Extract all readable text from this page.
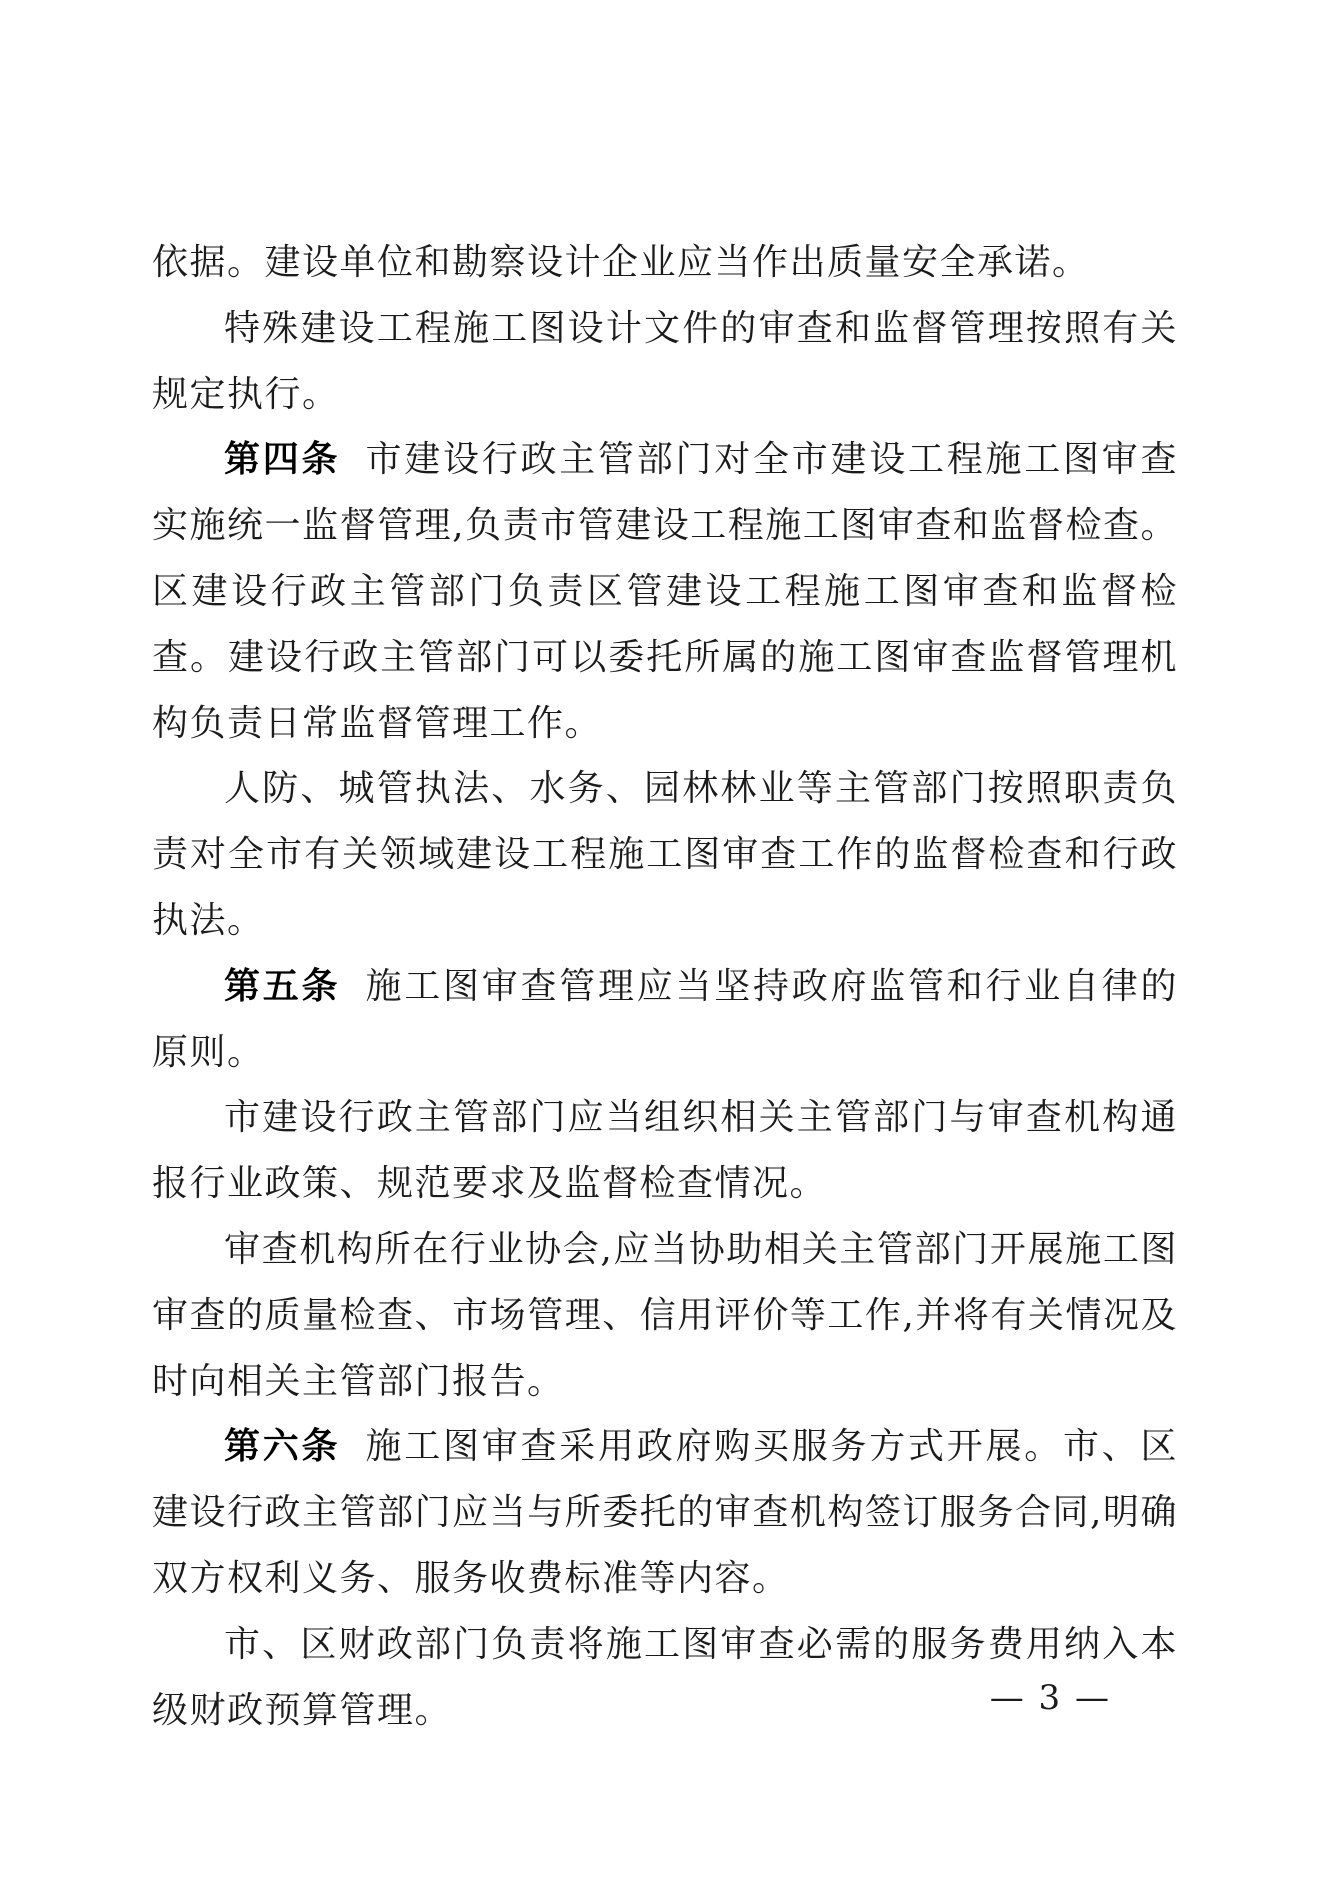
依据。建设单位和勘察设计企业应当作出质量安全承诺。

特殊建设工程施工图设计文件的审查和监督管理按照有关规定执行。

第四条 市建设行政主管部门对全市建设工程施工图审查实施统一监督管理,负责市管建设工程施工图审查和监督检查。区建设行政主管部门负责区管建设工程施工图审查和监督检查。建设行政主管部门可以委托所属的施工图审查监督管理机构负责日常监督管理工作。

人防、城管执法、水务、园林林业等主管部门按照职责负责对全市有关领域建设工程施工图审查工作的监督检查和行政执法。

第五条 施工图审查管理应当坚持政府监管和行业自律的原则。

市建设行政主管部门应当组织相关主管部门与审查机构通报行业政策、规范要求及监督检查情况。

审查机构所在行业协会,应当协助相关主管部门开展施工图审查的质量检查、市场管理、信用评价等工作,并将有关情况及时向相关主管部门报告。

第六条 施工图审查采用政府购买服务方式开展。市、区建设行政主管部门应当与所委托的审查机构签订服务合同,明确双方权利义务、服务收费标准等内容。

市、区财政部门负责将施工图审查必需的服务费用纳入本级财政预算管理。	— 3 —
